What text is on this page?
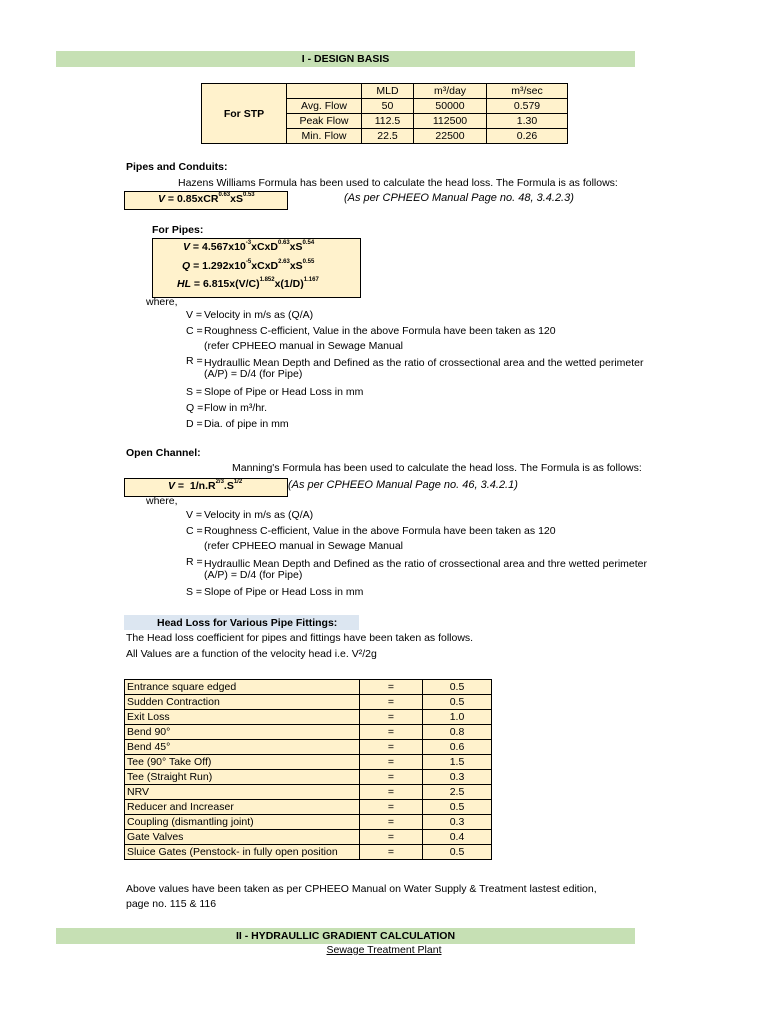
I - DESIGN BASIS
For STP		MLD	m³/day	m³/sec
	Avg. Flow	50	50000	0.579
	Peak Flow	112.5	112500	1.30
	Min. Flow	22.5	22500	0.26
Pipes and Conduits:
Hazens Williams Formula has been used to calculate the head loss. The Formula is as follows:
$V = 0.85xCR^{0.63}xS^{0.53}$	(As per CPHEEO Manual Page no. 48, 3.4.2.3)
For Pipes:
$V = 4.567x10^{-3}xCxD^{0.63}xS^{0.54}$
$Q = 1.292x10^{-5}xCxD^{2.63}xS^{0.55}$
HL = $6.815x(V/C)^{1.852}x(1/D)^{1.167}$
where,
V = Velocity in m/s as (Q/A)
C = Roughness C-efficient, Value in the above Formula have been taken as 120
(refer CPHEEO manual in Sewage Manual
R = Hydraullic Mean Depth and Defined as the ratio of crossectional area and the wetted perimeter
(A/P) = D/4 (for Pipe)
S = Slope of Pipe or Head Loss in mm
Q = Flow in m³/hr.
D = Dia. of pipe in mm
Open Channel:
Manning's Formula has been used to calculate the head loss. The Formula is as follows:
$V = 1/n.R^{2/3}.S^{1/2}$	(As per CPHEEO Manual Page no. 46, 3.4.2.1)
where,
V = Velocity in m/s as (Q/A)
C = Roughness C-efficient, Value in the above Formula have been taken as 120
(refer CPHEEO manual in Sewage Manual
R = Hydraullic Mean Depth and Defined as the ratio of crossectional area and thre wetted perimeter
(A/P) = D/4 (for Pipe)
S = Slope of Pipe or Head Loss in mm
Head Loss for Various Pipe Fittings:
The Head loss coefficient for pipes and fittings have been taken as follows.
All Values are a function of the velocity head i.e. V²/2g
Entrance square edged	=	0.5
Sudden Contraction	=	0.5
Exit Loss	=	1.0
Bend 90°	=	0.8
Bend 45°	=	0.6
Tee (90° Take Off)	=	1.5
Tee (Straight Run)	=	0.3
NRV	=	2.5
Reducer and Increaser	=	0.5
Coupling (dismantling joint)	=	0.3
Gate Valves	=	0.4
Sluice Gates (Penstock- in fully open position	=	0.5
Above values have been taken as per CPHEEO Manual on Water Supply & Treatment lastest edition,
page no. 115 & 116
II - HYDRAULLIC GRADIENT CALCULATION
Sewage Treatment Plant
